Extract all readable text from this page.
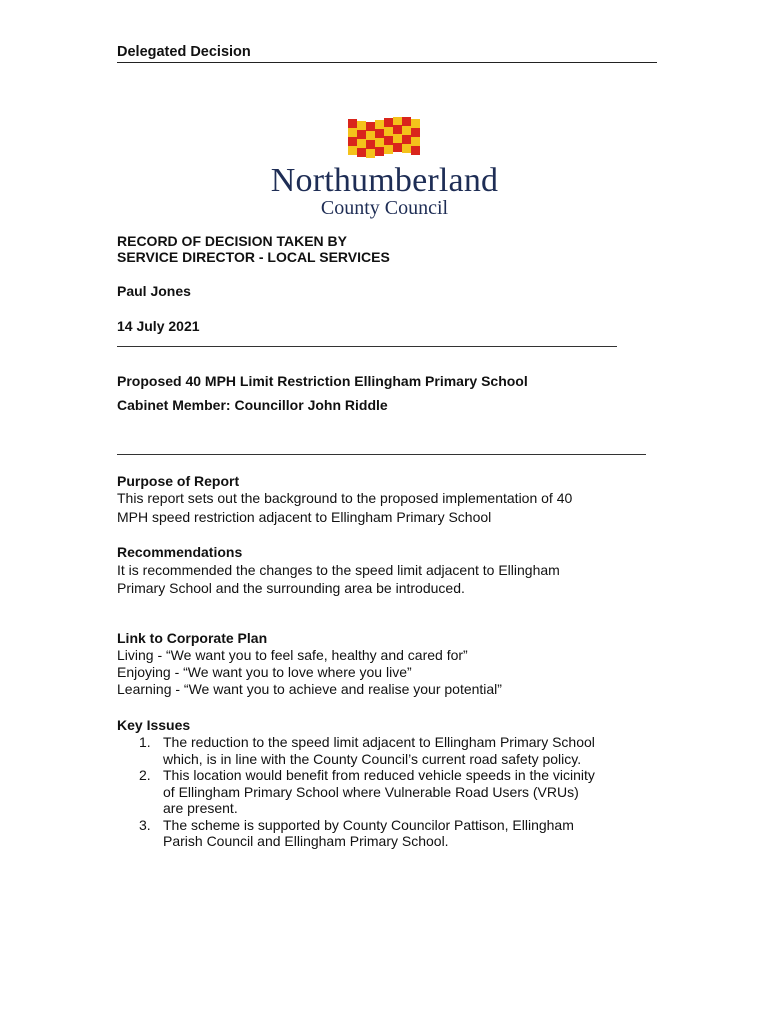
Delegated Decision
Northumberland
County Council
RECORD OF DECISION TAKEN BY
SERVICE DIRECTOR - LOCAL SERVICES
Paul Jones
14 July 2021
Proposed 40 MPH Limit Restriction Ellingham Primary School
Cabinet Member: Councillor John Riddle
Purpose of Report
This report sets out the background to the proposed implementation of 40
MPH speed restriction adjacent to Ellingham Primary School
Recommendations
It is recommended the changes to the speed limit adjacent to Ellingham
Primary School and the surrounding area be introduced.
Link to Corporate Plan
Living - “We want you to feel safe, healthy and cared for”
Enjoying - “We want you to love where you live”
Learning - “We want you to achieve and realise your potential”
Key Issues
1. The reduction to the speed limit adjacent to Ellingham Primary School
which, is in line with the County Council’s current road safety policy.
2. This location would benefit from reduced vehicle speeds in the vicinity
of Ellingham Primary School where Vulnerable Road Users (VRUs)
are present.
3. The scheme is supported by County Councilor Pattison, Ellingham
Parish Council and Ellingham Primary School.
